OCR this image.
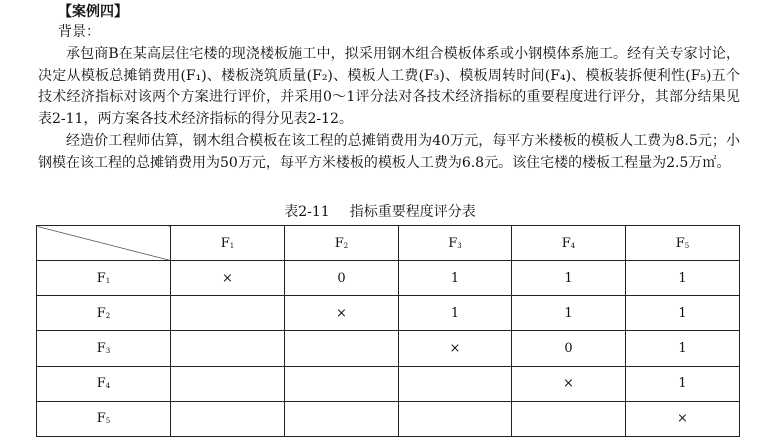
【案例四】
背景：

承包商B在某高层住宅楼的现浇楼板施工中，拟采用钢木组合模板体系或小钢模体系施工。经有关专家讨论，决定从模板总摊销费用(F₁)、楼板浇筑质量(F₂)、模板人工费(F₃)、模板周转时间(F₄)、模板装拆便利性(F₅)五个技术经济指标对该两个方案进行评价，并采用0～1评分法对各技术经济指标的重要程度进行评分，其部分结果见表2-11，两方案各技术经济指标的得分见表2-12。

经造价工程师估算，钢木组合模板在该工程的总摊销费用为40万元，每平方米楼板的模板人工费为8.5元；小钢模在该工程的总摊销费用为50万元，每平方米楼板的模板人工费为6.8元。该住宅楼的楼板工程量为2.5万㎡。

表2-11 指标重要程度评分表
	$F_1$	$F_2$	$F_3$	$F_4$	$F_5$
$F_1$	×	0	1	1	1
$F_2$		×	1	1	1
$F_3$			×	0	1
$F_4$				×	1
$F_5$					×
